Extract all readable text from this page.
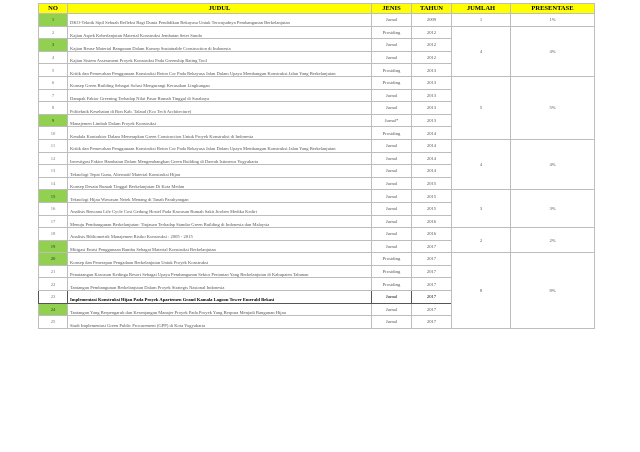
NO	JUDUL	JENIS	TAHUN	JUMLAH	PRESENTASE
1	DKO-Teknik Sipil Sebuah Refleksi Bagi Dunia Pendidikan Rekayasa Untuk Terwujudnya Pembangunan Berkelanjutan	Jurnal	2009	1	1%
2	Kajian Aspek Keberlanjutan Material Konstruksi Jembatan Seier Sunda	Prosiding	2012	4	4%
3	Kajian Reuse Material Bangunan Dalam Konsep Sustainable Construction di Indonesia	Jurnal	2012		
4	Kajian Sistem Assessment Proyek Konstruksi Pada Greenship Rating Tool	Jurnal	2012		
5	Kritik dan Pemecahan Penggunaan Konstruksi Beton Cor Pada Rekayasa Jalan Dalam Upaya Membangun Konstruksi Jalan Yang Berkelanjutan	Prosiding	2013		
6	Konsep Green Building Sebagai Solusi Mengurangi Kerusakan Lingkungan	Prosiding	2013	5	5%
7	Dampak Faktor Greening Terhadap Nilai Pasar Rumah Tinggal di Surabaya	Jurnal	2013		
8	Politeknik Kesehatan di Bon Kab. Talaud (Eco Tech Architecture)	Jurnal	2013		
9	Manajemen Limbah Dalam Proyek Konstruksi	Jurnal*	2013		
10	Kendala Kontraktor Dalam Menerapkan Green Construction Untuk Proyek Konstruksi di Indonesia	Prosiding	2014		
11	Kritik dan Pemecahan Penggunaan Konstruksi Beton Cor Pada Rekayasa Jalan Dalam Upaya Membangun Konstruksi Jalan Yang Berkelanjutan	Jurnal	2014	4	4%
12	Investigasi Faktor Hambatan Dalam Mengembangkan Green Building di Daerah Istimewa Yogyakarta	Jurnal	2014		
13	Teknologi Tepat Guna, Alternatif Material Konstruksi Hijau	Jurnal	2014		
14	Konsep Desain Rumah Tinggal Berkelanjutan Di Kota Medan	Jurnal	2015		
15	Teknologi Hijau Wawasan Netek Menang di Tanah Parahyangan	Jurnal	2015	3	3%
16	Analisis Rencana Life Cycle Cost Gedung Hostel Pada Kawasan Rumah Sakit Jiroben Medika Kediri	Jurnal	2015		
17	Menuju Pembangunan Berkelanjutan: Tinjauan Terhadap Standar Green Building di Indonesia dan Malaysia	Jurnal	2016		
18	Analisis Bibliometrik Manajemen Risiko Konstruksi : 2005 - 2015	Jurnal	2016	2	2%
19	Mitigasi Emisi Penggunaan Bambu Sebagai Material Konstruksi Berkelanjutan	Jurnal	2017		
20	Konsep dan Penerapan Pengadaan Berkelanjutan Untuk Proyek Konstruksi	Prosiding	2017	8	8%
21	Penataangan Kawasan Kedinga Resort Sebagai Upaya Pembangunan Sektor Pertanian Yang Berkelanjutan di Kabupaten Tabanan	Prosiding	2017		
22	Tantangan Pembangunan Berkelanjutan Dalam Proyek Strategis Nasional Indonesia	Prosiding	2017		
23	Implementasi Konstruksi Hijau Pada Proyek Apartemen Grand Kamala Lagoon Tower Emerald Bekasi	Jurnal	2017		
24	Tantangan Yang Berpengaruh dan Kesenjangan Manajer Proyek Pada Proyek Yang Berpura Menjadi Bangunan Hijau	Jurnal	2017		
25	Studi Implementasi Green Public Procurement (GPP) di Kota Yogyakarta	Jurnal	2017		
